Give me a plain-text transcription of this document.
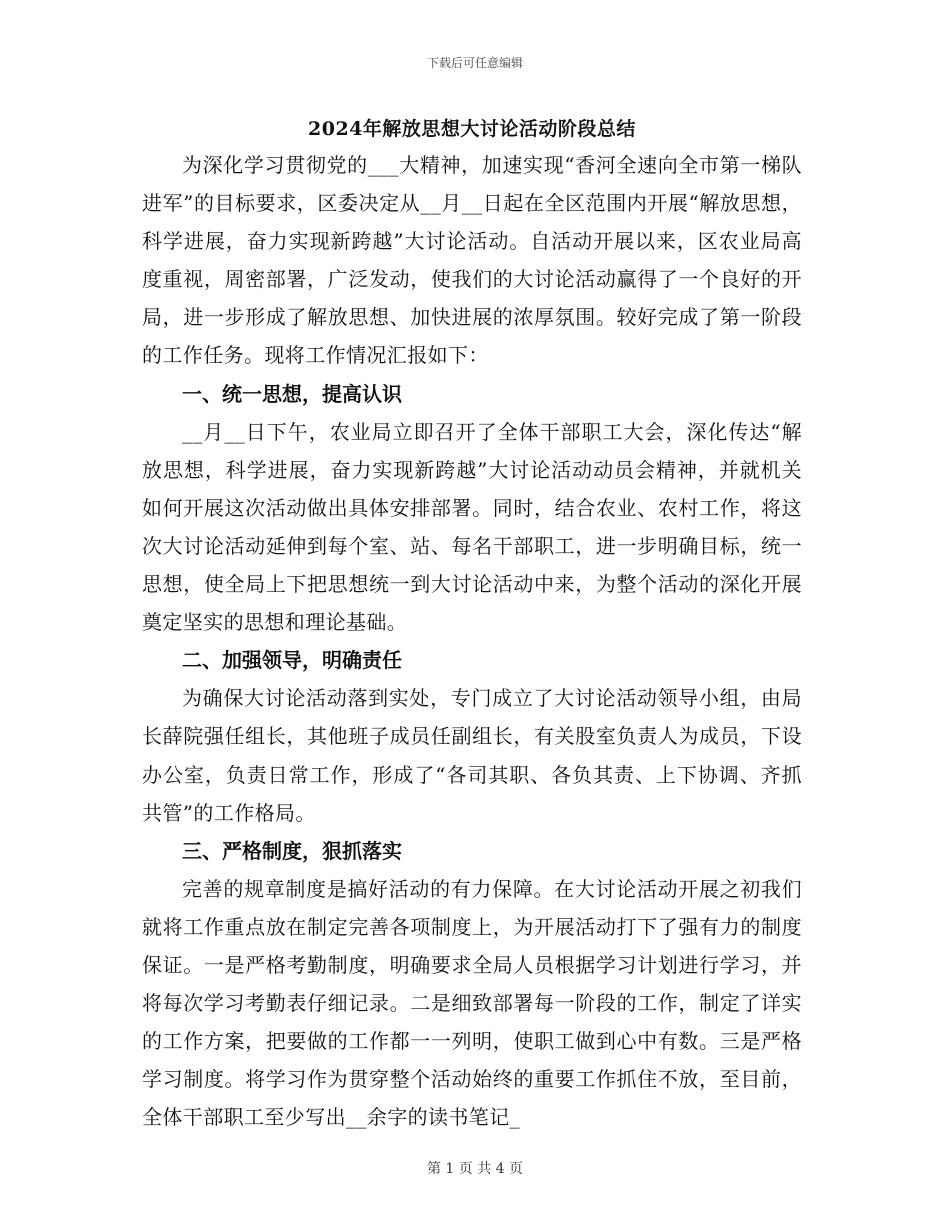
下载后可任意编辑
2024年解放思想大讨论活动阶段总结

为深化学习贯彻党的___大精神，加速实现“香河全速向全市第一梯队进军”的目标要求，区委决定从__月__日起在全区范围内开展“解放思想，科学进展，奋力实现新跨越”大讨论活动。自活动开展以来，区农业局高度重视，周密部署，广泛发动，使我们的大讨论活动赢得了一个良好的开局，进一步形成了解放思想、加快进展的浓厚氛围。较好完成了第一阶段的工作任务。现将工作情况汇报如下：

一、统一思想，提高认识

__月__日下午，农业局立即召开了全体干部职工大会，深化传达“解放思想，科学进展，奋力实现新跨越”大讨论活动动员会精神，并就机关如何开展这次活动做出具体安排部署。同时，结合农业、农村工作，将这次大讨论活动延伸到每个室、站、每名干部职工，进一步明确目标，统一思想，使全局上下把思想统一到大讨论活动中来，为整个活动的深化开展奠定坚实的思想和理论基础。

二、加强领导，明确责任

为确保大讨论活动落到实处，专门成立了大讨论活动领导小组，由局长薛院强任组长，其他班子成员任副组长，有关股室负责人为成员，下设办公室，负责日常工作，形成了“各司其职、各负其责、上下协调、齐抓共管”的工作格局。

三、严格制度，狠抓落实

完善的规章制度是搞好活动的有力保障。在大讨论活动开展之初我们就将工作重点放在制定完善各项制度上，为开展活动打下了强有力的制度保证。一是严格考勤制度，明确要求全局人员根据学习计划进行学习，并将每次学习考勤表仔细记录。二是细致部署每一阶段的工作，制定了详实的工作方案，把要做的工作都一一列明，使职工做到心中有数。三是严格学习制度。将学习作为贯穿整个活动始终的重要工作抓住不放，至目前，全体干部职工至少写出__余字的读书笔记_

第 1 页 共 4 页
